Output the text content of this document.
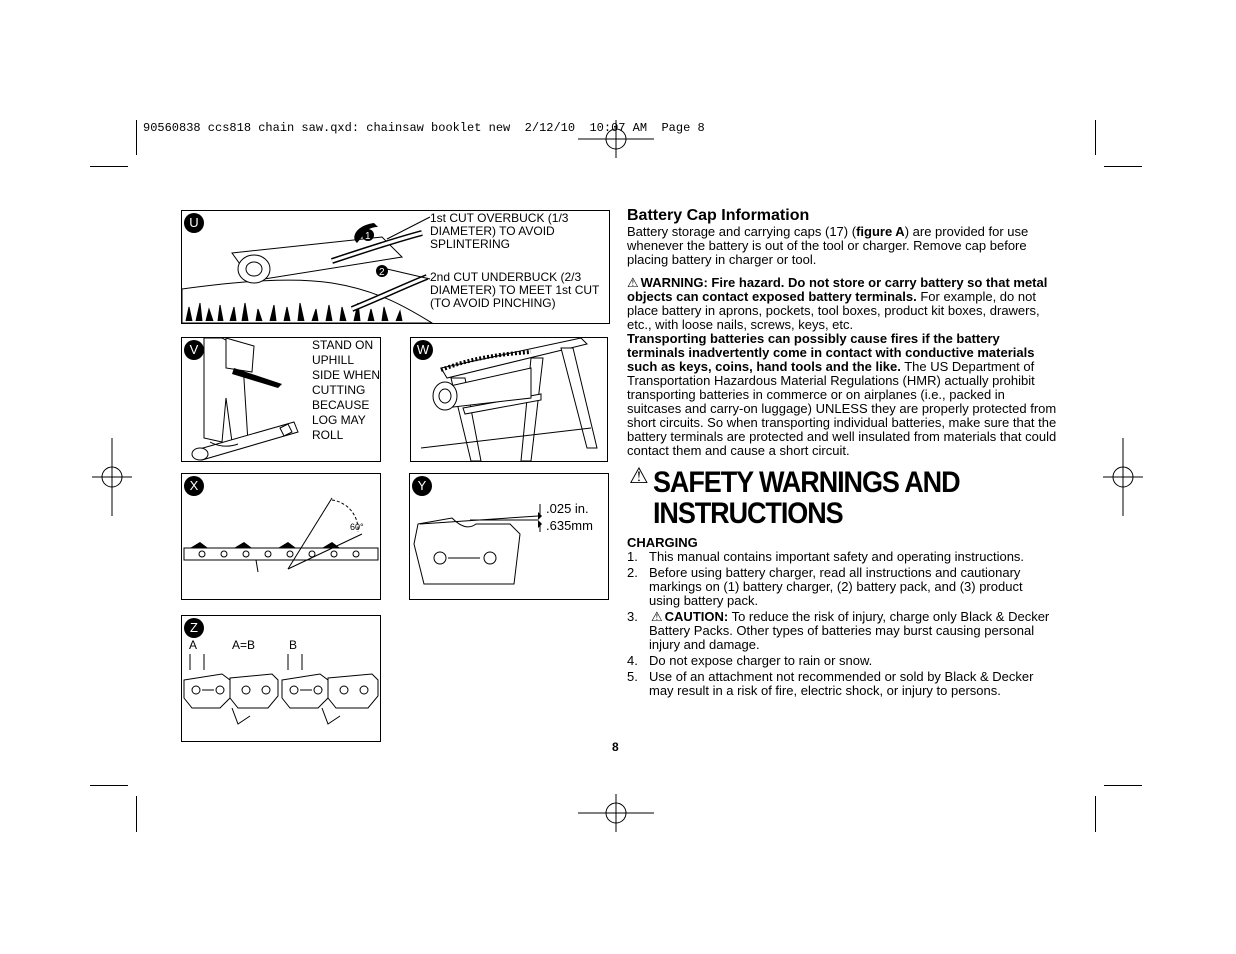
90560838 ccs818 chain saw.qxd: chainsaw booklet new  2/12/10  10:07 AM  Page 8
U
1
2
1st CUT OVERBUCK (1/3 DIAMETER) TO AVOID SPLINTERING
2nd CUT UNDERBUCK (2/3 DIAMETER) TO MEET 1st CUT (TO AVOID PINCHING)
V	STAND ON UPHILL SIDE WHEN CUTTING BECAUSE LOG MAY ROLL
W
X
60°
Y
.025 in.
.635mm
Z
A	A=B	B
Battery Cap Information

Battery storage and carrying caps (17) (figure A) are provided for use whenever the battery is out of the tool or charger. Remove cap before placing battery in charger or tool.

⚠ WARNING: Fire hazard. Do not store or carry battery so that metal objects can contact exposed battery terminals. For example, do not place battery in aprons, pockets, tool boxes, product kit boxes, drawers, etc., with loose nails, screws, keys, etc.

Transporting batteries can possibly cause fires if the battery terminals inadvertently come in contact with conductive materials such as keys, coins, hand tools and the like. The US Department of Transportation Hazardous Material Regulations (HMR) actually prohibit transporting batteries in commerce or on airplanes (i.e., packed in suitcases and carry-on luggage) UNLESS they are properly protected from short circuits. So when transporting individual batteries, make sure that the battery terminals are protected and well insulated from materials that could contact them and cause a short circuit.

⚠ SAFETY WARNINGS AND
INSTRUCTIONS
CHARGING
1. This manual contains important safety and operating instructions.
2. Before using battery charger, read all instructions and cautionary markings on (1) battery charger, (2) battery pack, and (3) product using battery pack.
3. ⚠ CAUTION: To reduce the risk of injury, charge only Black & Decker Battery Packs. Other types of batteries may burst causing personal injury and damage.
4. Do not expose charger to rain or snow.
5. Use of an attachment not recommended or sold by Black & Decker may result in a risk of fire, electric shock, or injury to persons.
8
